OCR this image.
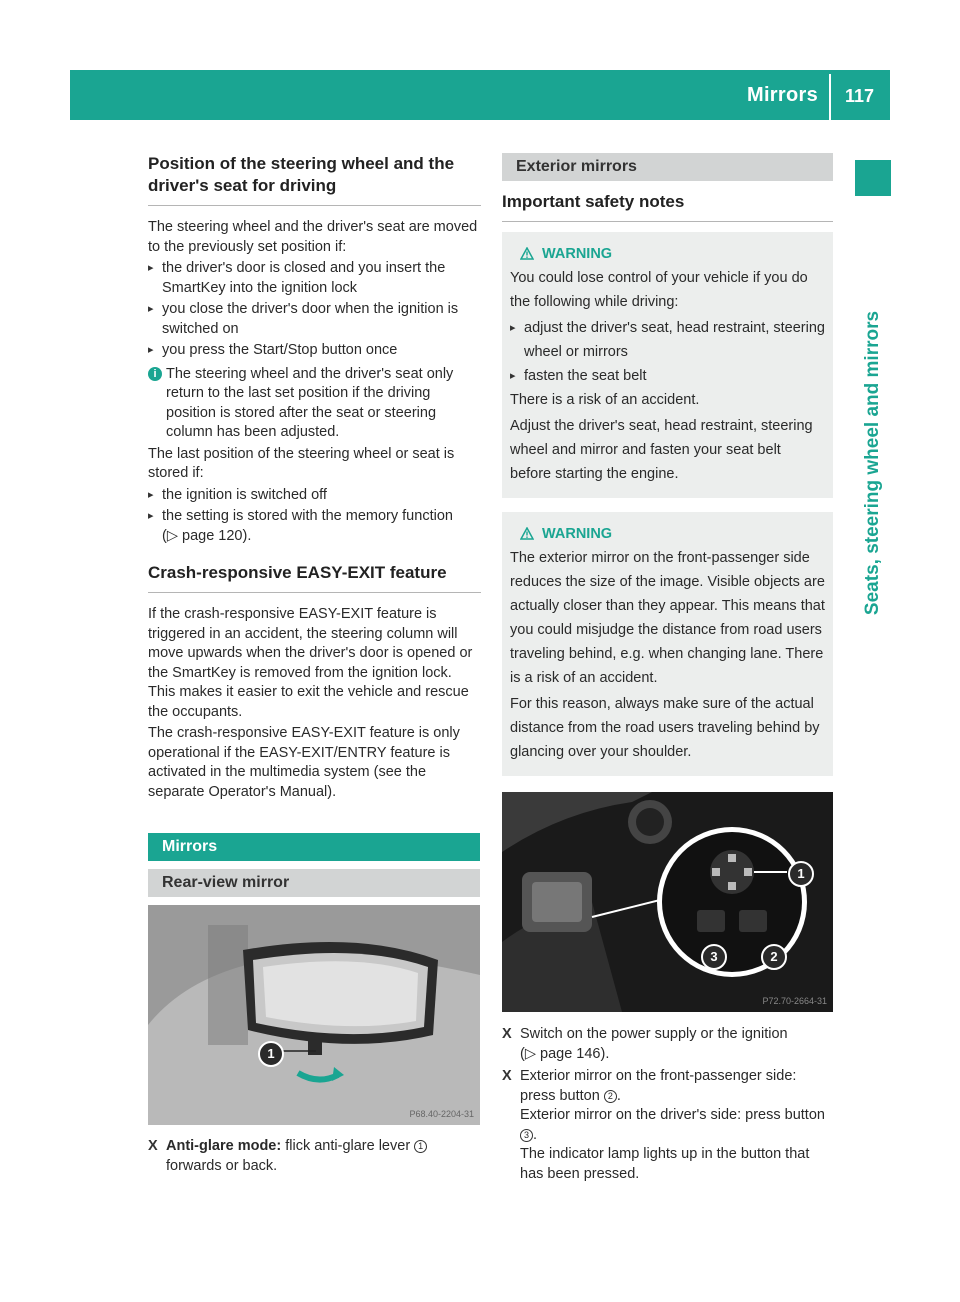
Mirrors 117
Seats, steering wheel and mirrors
Position of the steering wheel and the driver's seat for driving

The steering wheel and the driver's seat are moved to the previously set position if:

▸ the driver's door is closed and you insert the SmartKey into the ignition lock
▸ you close the driver's door when the ignition is switched on
▸ you press the Start/Stop button once
i The steering wheel and the driver's seat only return to the last set position if the driving position is stored after the seat or steering column has been adjusted.

The last position of the steering wheel or seat is stored if:

▸ the ignition is switched off
▸ the setting is stored with the memory function
(▷ page 120).
Crash-responsive EASY-EXIT feature

If the crash-responsive EASY-EXIT feature is triggered in an accident, the steering column will move upwards when the driver's door is opened or the SmartKey is removed from the ignition lock. This makes it easier to exit the vehicle and rescue the occupants.

The crash-responsive EASY-EXIT feature is only operational if the EASY-EXIT/ENTRY feature is activated in the multimedia system (see the separate Operator's Manual).

Mirrors
Rear-view mirror
1
P68.40-2204-31
X Anti-glare mode: flick anti-glare lever 1 forwards or back.
Exterior mirrors
Important safety notes
WARNING

You could lose control of your vehicle if you do the following while driving:

▸ adjust the driver's seat, head restraint, steering wheel or mirrors
▸ fasten the seat belt

There is a risk of an accident.

Adjust the driver's seat, head restraint, steering wheel and mirror and fasten your seat belt before starting the engine.

WARNING

The exterior mirror on the front-passenger side reduces the size of the image. Visible objects are actually closer than they appear. This means that you could misjudge the distance from road users traveling behind, e.g. when changing lane. There is a risk of an accident.

For this reason, always make sure of the actual distance from the road users traveling behind by glancing over your shoulder.

1
2
3
P72.70-2664-31
X Switch on the power supply or the ignition
(▷ page 146).
X Exterior mirror on the front-passenger side: press button 2 .
Exterior mirror on the driver's side: press button 3 .
The indicator lamp lights up in the button that has been pressed.
